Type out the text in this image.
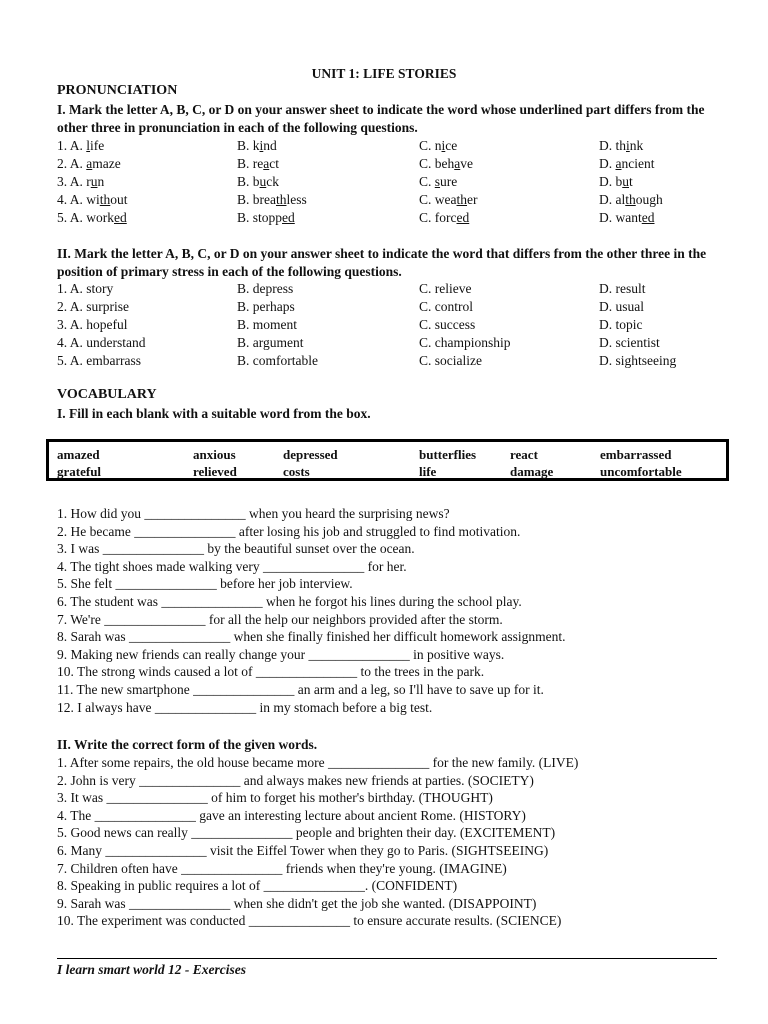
UNIT 1: LIFE STORIES
PRONUNCIATION
I. Mark the letter A, B, C, or D on your answer sheet to indicate the word whose underlined part differs from the other three in pronunciation in each of the following questions.
1. A. life	B. kind	C. nice	D. think
2. A. amaze	B. react	C. behave	D. ancient
3. A. run	B. buck	C. sure	D. but
4. A. without	B. breathless	C. weather	D. although
5. A. worked	B. stopped	C. forced	D. wanted
II. Mark the letter A, B, C, or D on your answer sheet to indicate the word that differs from the other three in the position of primary stress in each of the following questions.
1. A. story	B. depress	C. relieve	D. result
2. A. surprise	B. perhaps	C. control	D. usual
3. A. hopeful	B. moment	C. success	D. topic
4. A. understand	B. argument	C. championship	D. scientist
5. A. embarrass	B. comfortable	C. socialize	D. sightseeing
VOCABULARY
I. Fill in each blank with a suitable word from the box.
amazed	anxious	depressed	butterflies	react	embarrassed
grateful	relieved	costs	life	damage	uncomfortable
1. How did you _______________ when you heard the surprising news?
2. He became _______________ after losing his job and struggled to find motivation.
3. I was _______________ by the beautiful sunset over the ocean.
4. The tight shoes made walking very _______________ for her.
5. She felt _______________ before her job interview.
6. The student was _______________ when he forgot his lines during the school play.
7. We're _______________ for all the help our neighbors provided after the storm.
8. Sarah was _______________ when she finally finished her difficult homework assignment.
9. Making new friends can really change your _______________ in positive ways.
10. The strong winds caused a lot of _______________ to the trees in the park.
11. The new smartphone _______________ an arm and a leg, so I'll have to save up for it.
12. I always have _______________ in my stomach before a big test.
II. Write the correct form of the given words.
1. After some repairs, the old house became more _______________ for the new family. (LIVE)
2. John is very _______________ and always makes new friends at parties. (SOCIETY)
3. It was _______________ of him to forget his mother's birthday. (THOUGHT)
4. The _______________ gave an interesting lecture about ancient Rome. (HISTORY)
5. Good news can really _______________ people and brighten their day. (EXCITEMENT)
6. Many _______________ visit the Eiffel Tower when they go to Paris. (SIGHTSEEING)
7. Children often have _______________ friends when they're young. (IMAGINE)
8. Speaking in public requires a lot of _______________. (CONFIDENT)
9. Sarah was _______________ when she didn't get the job she wanted. (DISAPPOINT)
10. The experiment was conducted _______________ to ensure accurate results. (SCIENCE)
I learn smart world 12 - Exercises
